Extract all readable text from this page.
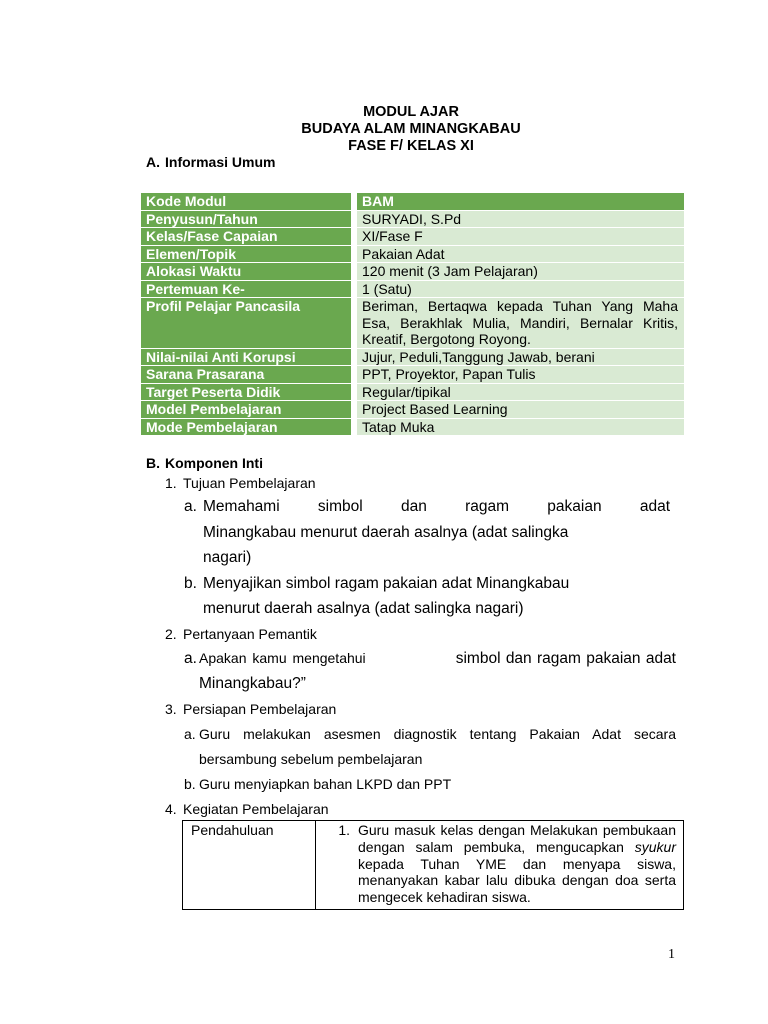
MODUL AJAR
BUDAYA ALAM MINANGKABAU
FASE F/ KELAS XI
A. Informasi Umum
Kode Modul	BAM
Penyusun/Tahun	SURYADI, S.Pd
Kelas/Fase Capaian	XI/Fase F
Elemen/Topik	Pakaian Adat
Alokasi Waktu	120 menit (3 Jam Pelajaran)
Pertemuan Ke-	1 (Satu)
Profil Pelajar Pancasila	Beriman, Bertaqwa kepada Tuhan Yang Maha Esa, Berakhlak Mulia, Mandiri, Bernalar Kritis, Kreatif, Bergotong Royong.
Nilai-nilai Anti Korupsi	Jujur, Peduli,Tanggung Jawab, berani
Sarana Prasarana	PPT, Proyektor, Papan Tulis
Target Peserta Didik	Regular/tipikal
Model Pembelajaran	Project Based Learning
Mode Pembelajaran	Tatap Muka
B. Komponen Inti
1. Tujuan Pembelajaran
a. Memahami simbol dan ragam pakaian adat
Minangkabau menurut daerah asalnya (adat salingka
nagari)
b. Menyajikan simbol ragam pakaian adat Minangkabau
menurut daerah asalnya (adat salingka nagari)
2. Pertanyaan Pemantik
a. Apakan kamu mengetahui	simbol dan ragam pakaian adat
Minangkabau?”
3. Persiapan Pembelajaran
a. Guru melakukan asesmen diagnostik tentang Pakaian Adat secara
bersambung sebelum pembelajaran
b. Guru menyiapkan bahan LKPD dan PPT
4. Kegiatan Pembelajaran
Pendahuluan	1. Guru masuk kelas dengan Melakukan pembukaan dengan salam pembuka, mengucapkan syukur kepada Tuhan YME dan menyapa siswa, menanyakan kabar lalu dibuka dengan doa serta mengecek kehadiran siswa.
1
